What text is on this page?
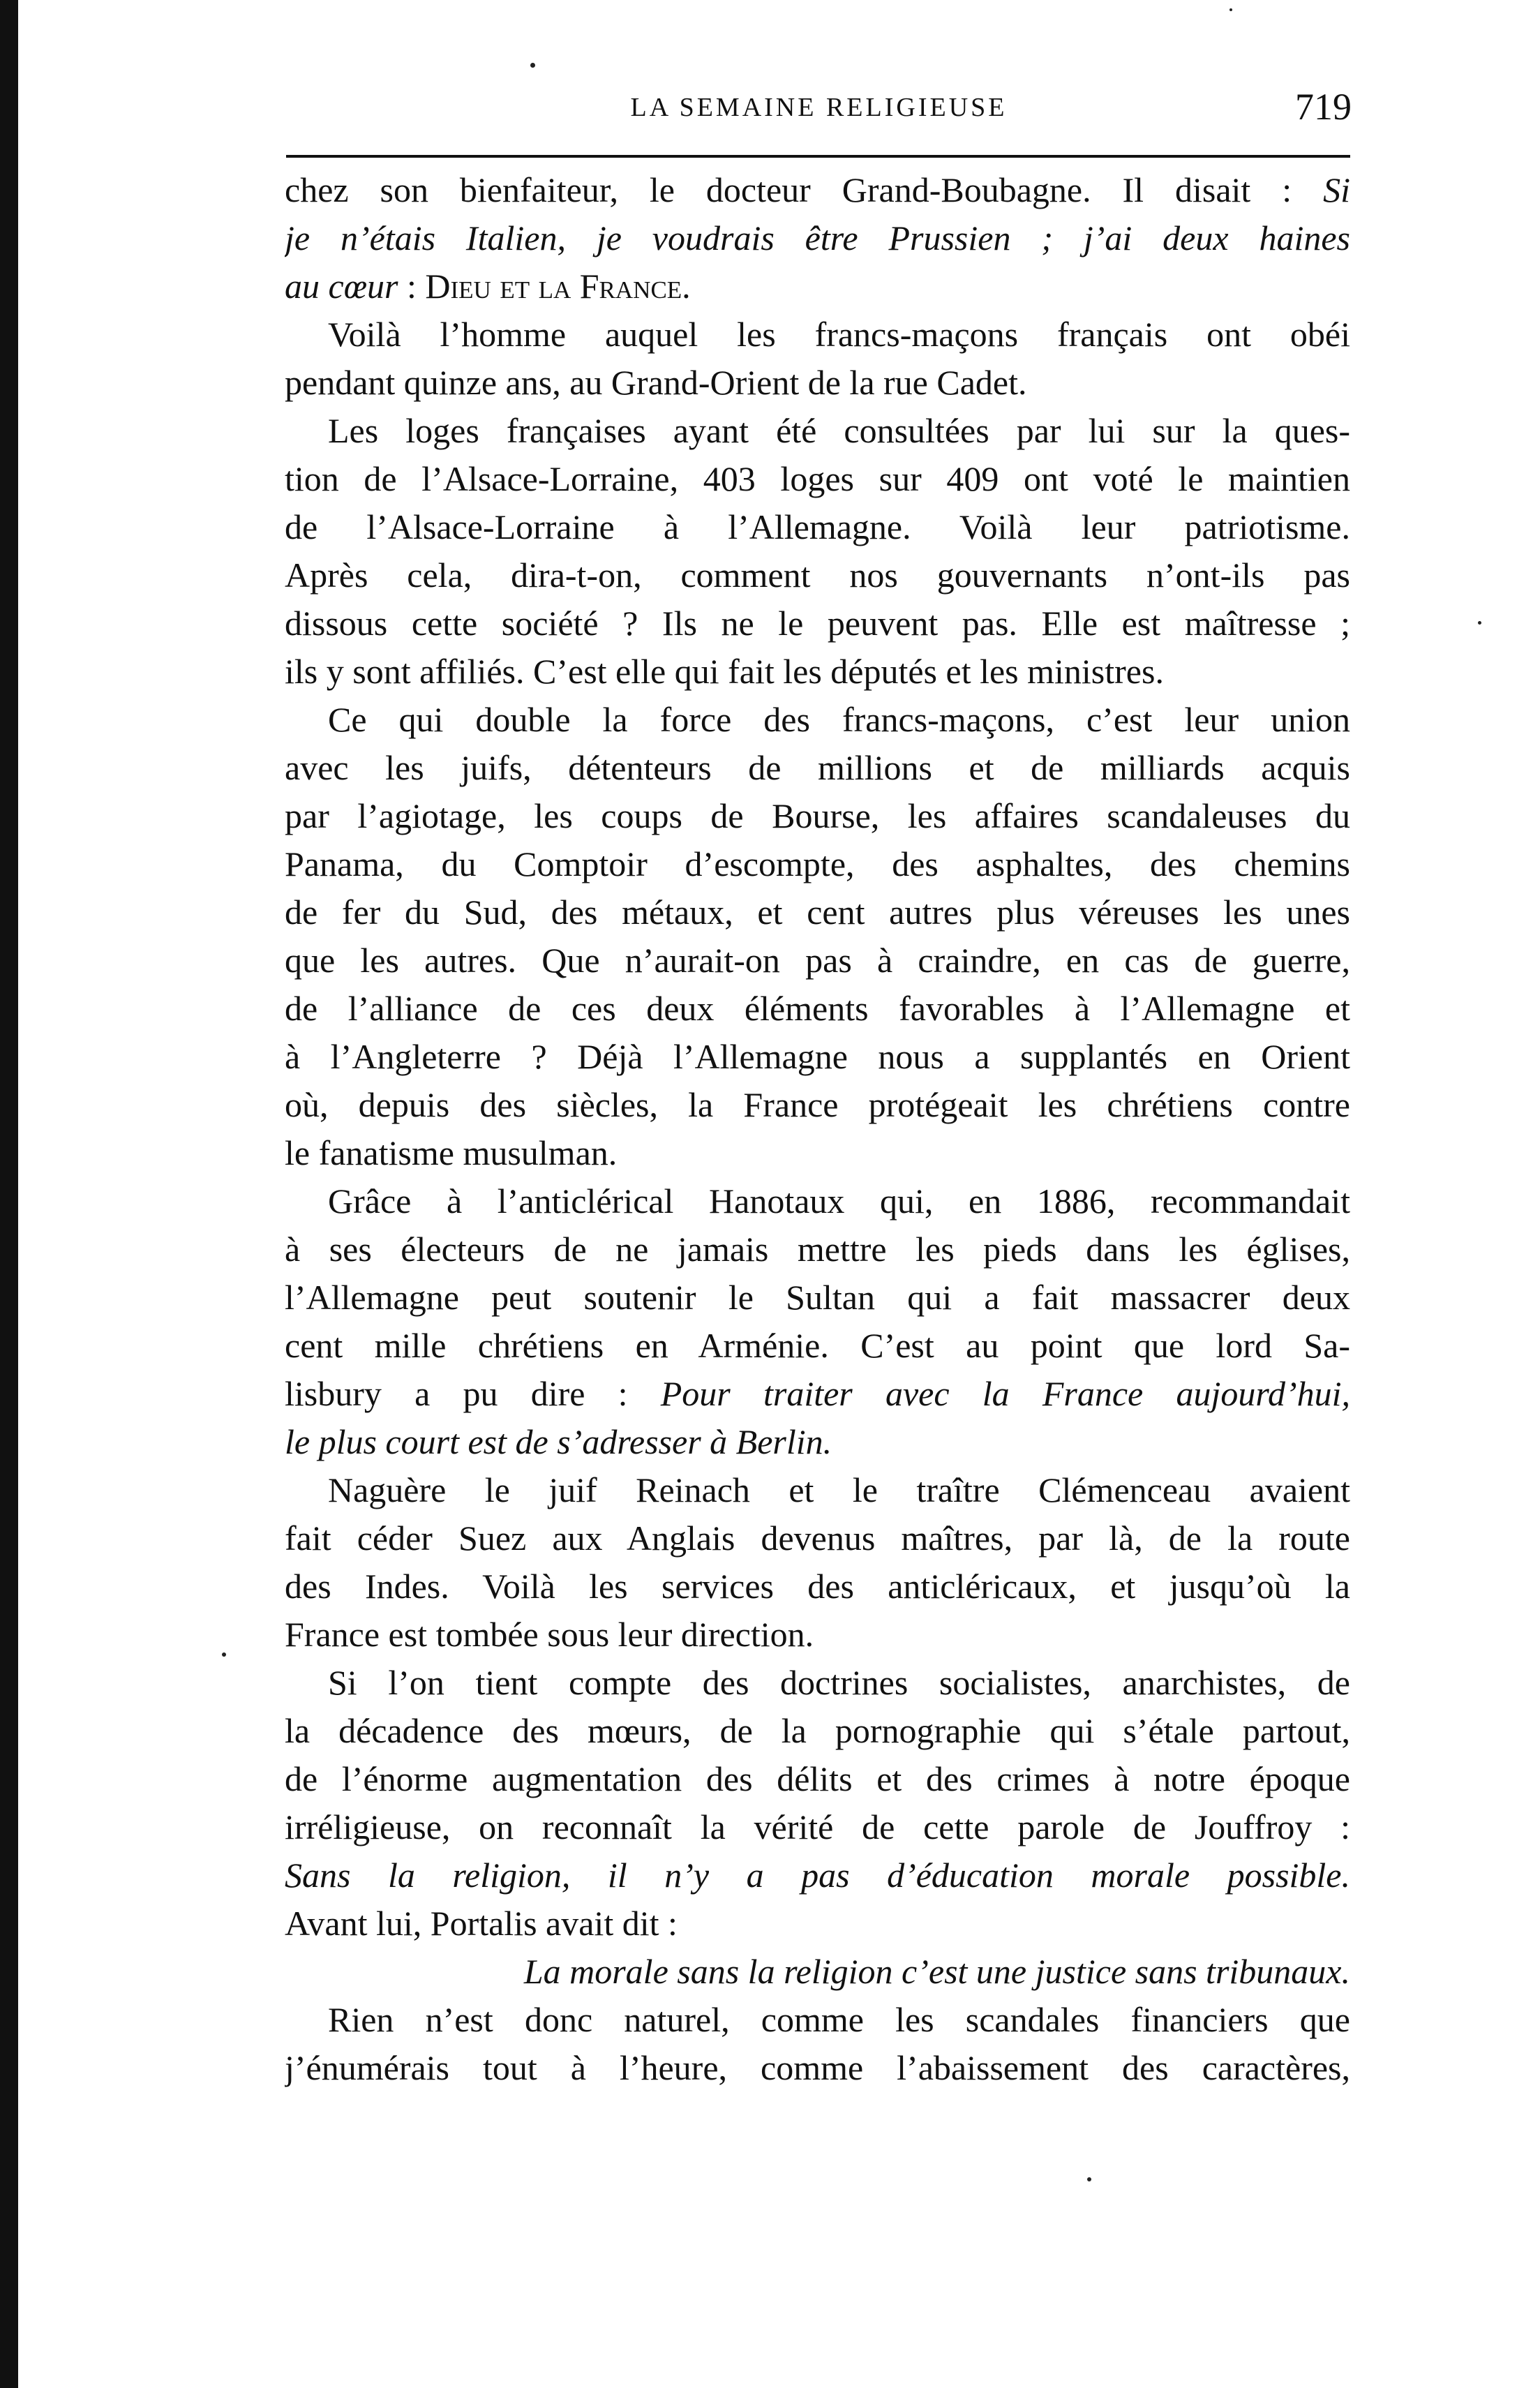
LA SEMAINE RELIGIEUSE	719
chez son bienfaiteur, le docteur Grand-Boubagne. Il disait : Si
je n’étais Italien, je voudrais être Prussien ; j’ai deux haines
au cœur : Dieu et la France.
Voilà l’homme auquel les francs-maçons français ont obéi
pendant quinze ans, au Grand-Orient de la rue Cadet.
Les loges françaises ayant été consultées par lui sur la ques-
tion de l’Alsace-Lorraine, 403 loges sur 409 ont voté le maintien
de l’Alsace-Lorraine à l’Allemagne. Voilà leur patriotisme.
Après cela, dira-t-on, comment nos gouvernants n’ont-ils pas
dissous cette société ? Ils ne le peuvent pas. Elle est maîtresse ;
ils y sont affiliés. C’est elle qui fait les députés et les ministres.
Ce qui double la force des francs-maçons, c’est leur union
avec les juifs, détenteurs de millions et de milliards acquis
par l’agiotage, les coups de Bourse, les affaires scandaleuses du
Panama, du Comptoir d’escompte, des asphaltes, des chemins
de fer du Sud, des métaux, et cent autres plus véreuses les unes
que les autres. Que n’aurait-on pas à craindre, en cas de guerre,
de l’alliance de ces deux éléments favorables à l’Allemagne et
à l’Angleterre ? Déjà l’Allemagne nous a supplantés en Orient
où, depuis des siècles, la France protégeait les chrétiens contre
le fanatisme musulman.
Grâce à l’anticlérical Hanotaux qui, en 1886, recommandait
à ses électeurs de ne jamais mettre les pieds dans les églises,
l’Allemagne peut soutenir le Sultan qui a fait massacrer deux
cent mille chrétiens en Arménie. C’est au point que lord Sa-
lisbury a pu dire : Pour traiter avec la France aujourd’hui,
le plus court est de s’adresser à Berlin.
Naguère le juif Reinach et le traître Clémenceau avaient
fait céder Suez aux Anglais devenus maîtres, par là, de la route
des Indes. Voilà les services des anticléricaux, et jusqu’où la
France est tombée sous leur direction.
Si l’on tient compte des doctrines socialistes, anarchistes, de
la décadence des mœurs, de la pornographie qui s’étale partout,
de l’énorme augmentation des délits et des crimes à notre époque
irréligieuse, on reconnaît la vérité de cette parole de Jouffroy :
Sans la religion, il n’y a pas d’éducation morale possible.
Avant lui, Portalis avait dit :
La morale sans la religion c’est une justice sans tribunaux.
Rien n’est donc naturel, comme les scandales financiers que
j’énumérais tout à l’heure, comme l’abaissement des caractères,
